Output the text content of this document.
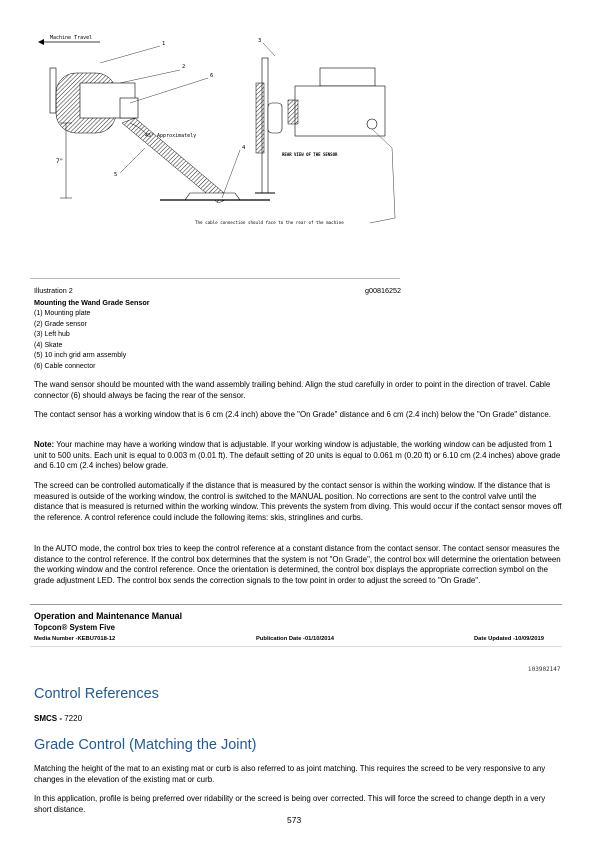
Machine Travel
7"
45° Approximately
1
2
6
5
4
3
REAR VIEW OF THE SENSOR
The cable connection should face to the rear of the machine
Illustration 2	g00816252
Mounting the Wand Grade Sensor
(1) Mounting plate
(2) Grade sensor
(3) Left hub
(4) Skate
(5) 10 inch grid arm assembly
(6) Cable connector

The wand sensor should be mounted with the wand assembly trailing behind. Align the stud carefully in order to point in the direction of travel. Cable connector (6) should always be facing the rear of the sensor.

The contact sensor has a working window that is 6 cm (2.4 inch) above the "On Grade" distance and 6 cm (2.4 inch) below the "On Grade" distance.

Note: Your machine may have a working window that is adjustable. If your working window is adjustable, the working window can be adjusted from 1 unit to 500 units. Each unit is equal to 0.003 m (0.01 ft). The default setting of 20 units is equal to 0.061 m (0.20 ft) or 6.10 cm (2.4 inches) above grade and 6.10 cm (2.4 inches) below grade.

The screed can be controlled automatically if the distance that is measured by the contact sensor is within the working window. If the distance that is measured is outside of the working window, the control is switched to the MANUAL position. No corrections are sent to the control valve until the distance that is measured is returned within the working window. This prevents the system from diving. This would occur if the contact sensor moves off the reference. A control reference could include the following items: skis, stringlines and curbs.

In the AUTO mode, the control box tries to keep the control reference at a constant distance from the contact sensor. The contact sensor measures the distance to the control reference. If the control box determines that the system is not "On Grade", the control box will determine the orientation between the working window and the control reference. Once the orientation is determined, the control box displays the appropriate correction symbol on the grade adjustment LED. The control box sends the correction signals to the tow point in order to adjust the screed to "On Grade".

Operation and Maintenance Manual
Topcon® System Five
Media Number -KEBU7018-12	Publication Date -01/10/2014	Date Updated -10/09/2019
i03902147
Control References
SMCS - 7220
Grade Control (Matching the Joint)

Matching the height of the mat to an existing mat or curb is also referred to as joint matching. This requires the screed to be very responsive to any changes in the elevation of the existing mat or curb.

In this application, profile is being preferred over ridability or the screed is being over corrected. This will force the screed to change depth in a very short distance.

573
